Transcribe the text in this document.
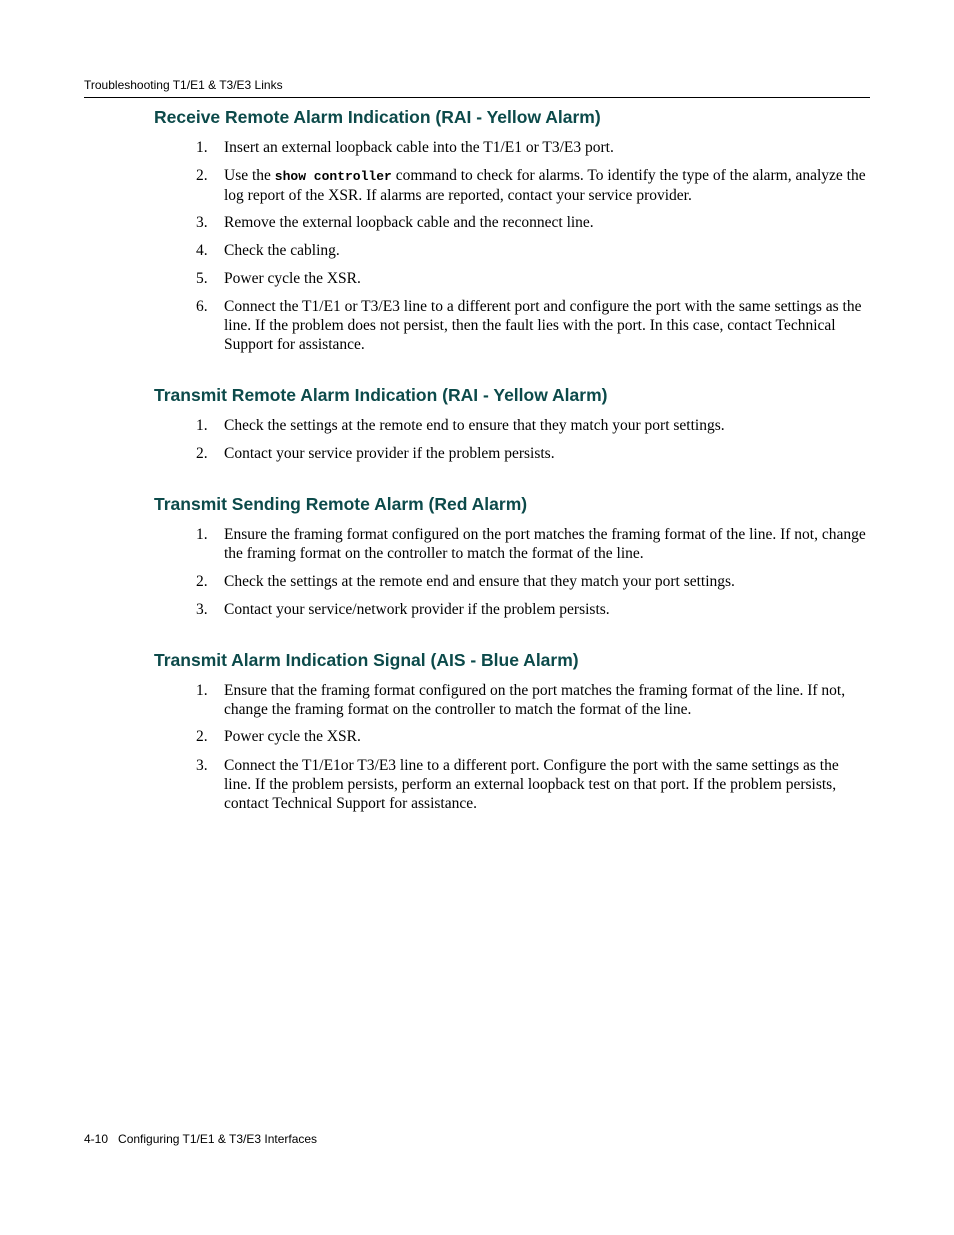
Troubleshooting T1/E1 & T3/E3 Links
Receive Remote Alarm Indication (RAI - Yellow Alarm)
1. Insert an external loopback cable into the T1/E1 or T3/E3 port.
2. Use the show controller command to check for alarms. To identify the type of the alarm, analyze the log report of the XSR. If alarms are reported, contact your service provider.
3. Remove the external loopback cable and the reconnect line.
4. Check the cabling.
5. Power cycle the XSR.
6. Connect the T1/E1 or T3/E3 line to a different port and configure the port with the same settings as the line. If the problem does not persist, then the fault lies with the port. In this case, contact Technical Support for assistance.
Transmit Remote Alarm Indication (RAI - Yellow Alarm)
1. Check the settings at the remote end to ensure that they match your port settings.
2. Contact your service provider if the problem persists.
Transmit Sending Remote Alarm (Red Alarm)
1. Ensure the framing format configured on the port matches the framing format of the line. If not, change the framing format on the controller to match the format of the line.
2. Check the settings at the remote end and ensure that they match your port settings.
3. Contact your service/network provider if the problem persists.
Transmit Alarm Indication Signal (AIS - Blue Alarm)
1. Ensure that the framing format configured on the port matches the framing format of the line. If not, change the framing format on the controller to match the format of the line.
2. Power cycle the XSR.
3. Connect the T1/E1or T3/E3 line to a different port. Configure the port with the same settings as the line. If the problem persists, perform an external loopback test on that port. If the problem persists, contact Technical Support for assistance.
4-10 Configuring T1/E1 & T3/E3 Interfaces
